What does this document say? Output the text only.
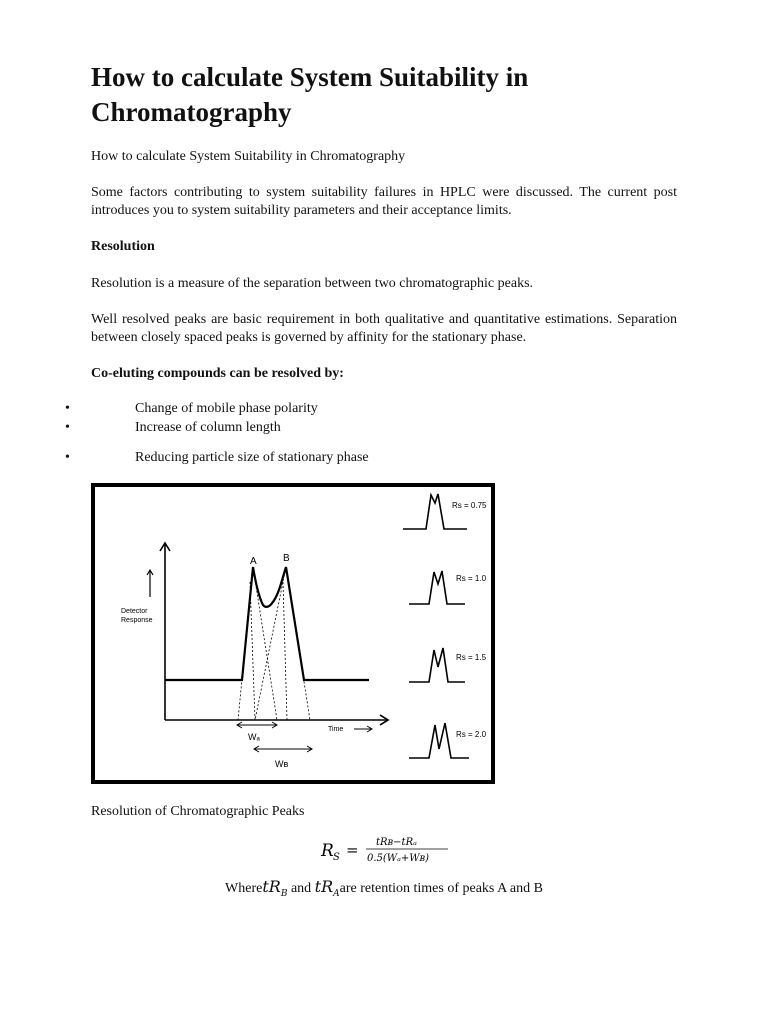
How to calculate System Suitability in Chromatography

How to calculate System Suitability in Chromatography

Some factors contributing to system suitability failures in HPLC were discussed. The current post introduces you to system suitability parameters and their acceptance limits.

Resolution

Resolution is a measure of the separation between two chromatographic peaks.

Well resolved peaks are basic requirement in both qualitative and quantitative estimations. Separation between closely spaced peaks is governed by affinity for the stationary phase.

Co-eluting compounds can be resolved by:

•	Change of mobile phase polarity
•	Increase of column length
•	Reducing particle size of stationary phase
Detector
Response
A	B
Time
Wₐ
Wʙ
Rs = 0.75
Rs = 1.0
Rs = 1.5
Rs = 2.0
Resolution of Chromatographic Peaks
R S = tRʙ−tRₐ
0.5(Wₐ+Wʙ)
WheretR$_B$ and $tR_Aare$ retention times of peaks A and B
